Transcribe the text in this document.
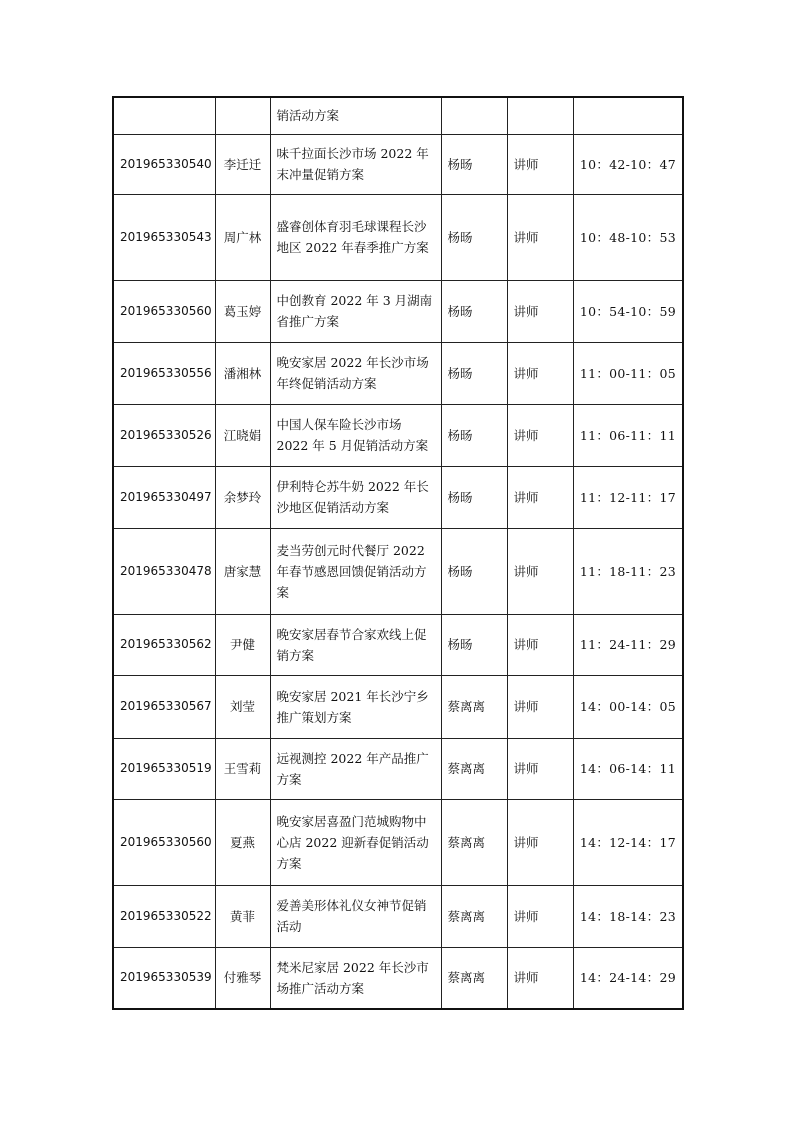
		销活动方案			
201965330540	李迁迁	味千拉面长沙市场 2022 年末冲量促销方案	杨旸	讲师	10：42-10：47
201965330543	周广林	盛睿创体育羽毛球课程长沙地区 2022 年春季推广方案	杨旸	讲师	10：48-10：53
201965330560	葛玉婷	中创教育 2022 年 3 月湖南省推广方案	杨旸	讲师	10：54-10：59
201965330556	潘湘林	晚安家居 2022 年长沙市场年终促销活动方案	杨旸	讲师	11：00-11：05
201965330526	江晓娟	中国人保车险长沙市场 2022 年 5 月促销活动方案	杨旸	讲师	11：06-11：11
201965330497	余梦玲	伊利特仑苏牛奶 2022 年长沙地区促销活动方案	杨旸	讲师	11：12-11：17
201965330478	唐家慧	麦当劳创元时代餐厅 2022 年春节感恩回馈促销活动方案	杨旸	讲师	11：18-11：23
201965330562	尹健	晚安家居春节合家欢线上促销方案	杨旸	讲师	11：24-11：29
201965330567	刘莹	晚安家居 2021 年长沙宁乡推广策划方案	蔡离离	讲师	14：00-14：05
201965330519	王雪莉	远视测控 2022 年产品推广方案	蔡离离	讲师	14：06-14：11
201965330560	夏燕	晚安家居喜盈门范城购物中心店 2022 迎新春促销活动方案	蔡离离	讲师	14：12-14：17
201965330522	黄菲	爱善美形体礼仪女神节促销活动	蔡离离	讲师	14：18-14：23
201965330539	付雅琴	梵米尼家居 2022 年长沙市场推广活动方案	蔡离离	讲师	14：24-14：29
